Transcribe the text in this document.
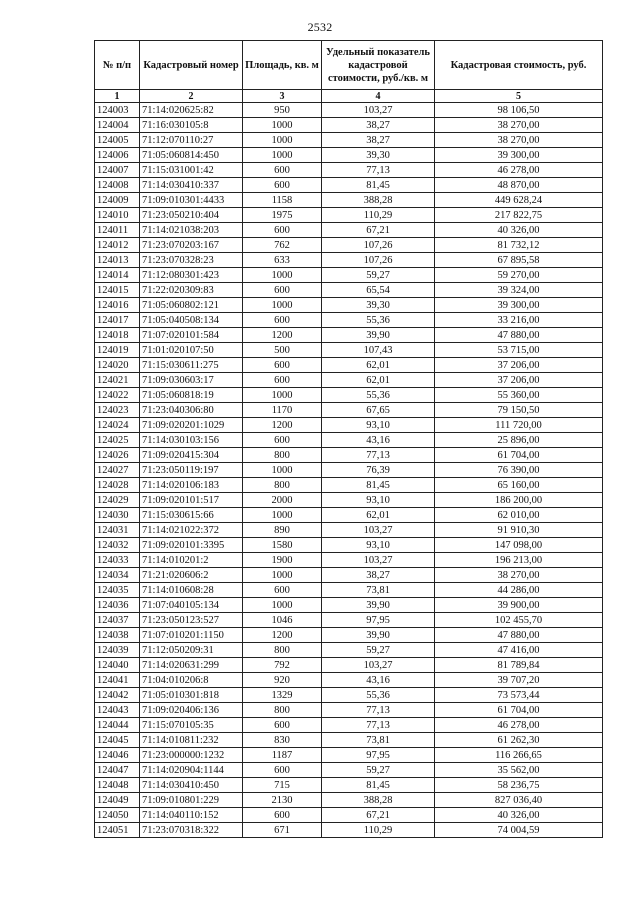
2532
№ п/п	Кадастровый номер	Площадь, кв. м	Удельный показатель кадастровой стоимости, руб./кв. м	Кадастровая стоимость, руб.
1	2	3	4	5
124003	71:14:020625:82	950	103,27	98 106,50
124004	71:16:030105:8	1000	38,27	38 270,00
124005	71:12:070110:27	1000	38,27	38 270,00
124006	71:05:060814:450	1000	39,30	39 300,00
124007	71:15:031001:42	600	77,13	46 278,00
124008	71:14:030410:337	600	81,45	48 870,00
124009	71:09:010301:4433	1158	388,28	449 628,24
124010	71:23:050210:404	1975	110,29	217 822,75
124011	71:14:021038:203	600	67,21	40 326,00
124012	71:23:070203:167	762	107,26	81 732,12
124013	71:23:070328:23	633	107,26	67 895,58
124014	71:12:080301:423	1000	59,27	59 270,00
124015	71:22:020309:83	600	65,54	39 324,00
124016	71:05:060802:121	1000	39,30	39 300,00
124017	71:05:040508:134	600	55,36	33 216,00
124018	71:07:020101:584	1200	39,90	47 880,00
124019	71:01:020107:50	500	107,43	53 715,00
124020	71:15:030611:275	600	62,01	37 206,00
124021	71:09:030603:17	600	62,01	37 206,00
124022	71:05:060818:19	1000	55,36	55 360,00
124023	71:23:040306:80	1170	67,65	79 150,50
124024	71:09:020201:1029	1200	93,10	111 720,00
124025	71:14:030103:156	600	43,16	25 896,00
124026	71:09:020415:304	800	77,13	61 704,00
124027	71:23:050119:197	1000	76,39	76 390,00
124028	71:14:020106:183	800	81,45	65 160,00
124029	71:09:020101:517	2000	93,10	186 200,00
124030	71:15:030615:66	1000	62,01	62 010,00
124031	71:14:021022:372	890	103,27	91 910,30
124032	71:09:020101:3395	1580	93,10	147 098,00
124033	71:14:010201:2	1900	103,27	196 213,00
124034	71:21:020606:2	1000	38,27	38 270,00
124035	71:14:010608:28	600	73,81	44 286,00
124036	71:07:040105:134	1000	39,90	39 900,00
124037	71:23:050123:527	1046	97,95	102 455,70
124038	71:07:010201:1150	1200	39,90	47 880,00
124039	71:12:050209:31	800	59,27	47 416,00
124040	71:14:020631:299	792	103,27	81 789,84
124041	71:04:010206:8	920	43,16	39 707,20
124042	71:05:010301:818	1329	55,36	73 573,44
124043	71:09:020406:136	800	77,13	61 704,00
124044	71:15:070105:35	600	77,13	46 278,00
124045	71:14:010811:232	830	73,81	61 262,30
124046	71:23:000000:1232	1187	97,95	116 266,65
124047	71:14:020904:1144	600	59,27	35 562,00
124048	71:14:030410:450	715	81,45	58 236,75
124049	71:09:010801:229	2130	388,28	827 036,40
124050	71:14:040110:152	600	67,21	40 326,00
124051	71:23:070318:322	671	110,29	74 004,59
